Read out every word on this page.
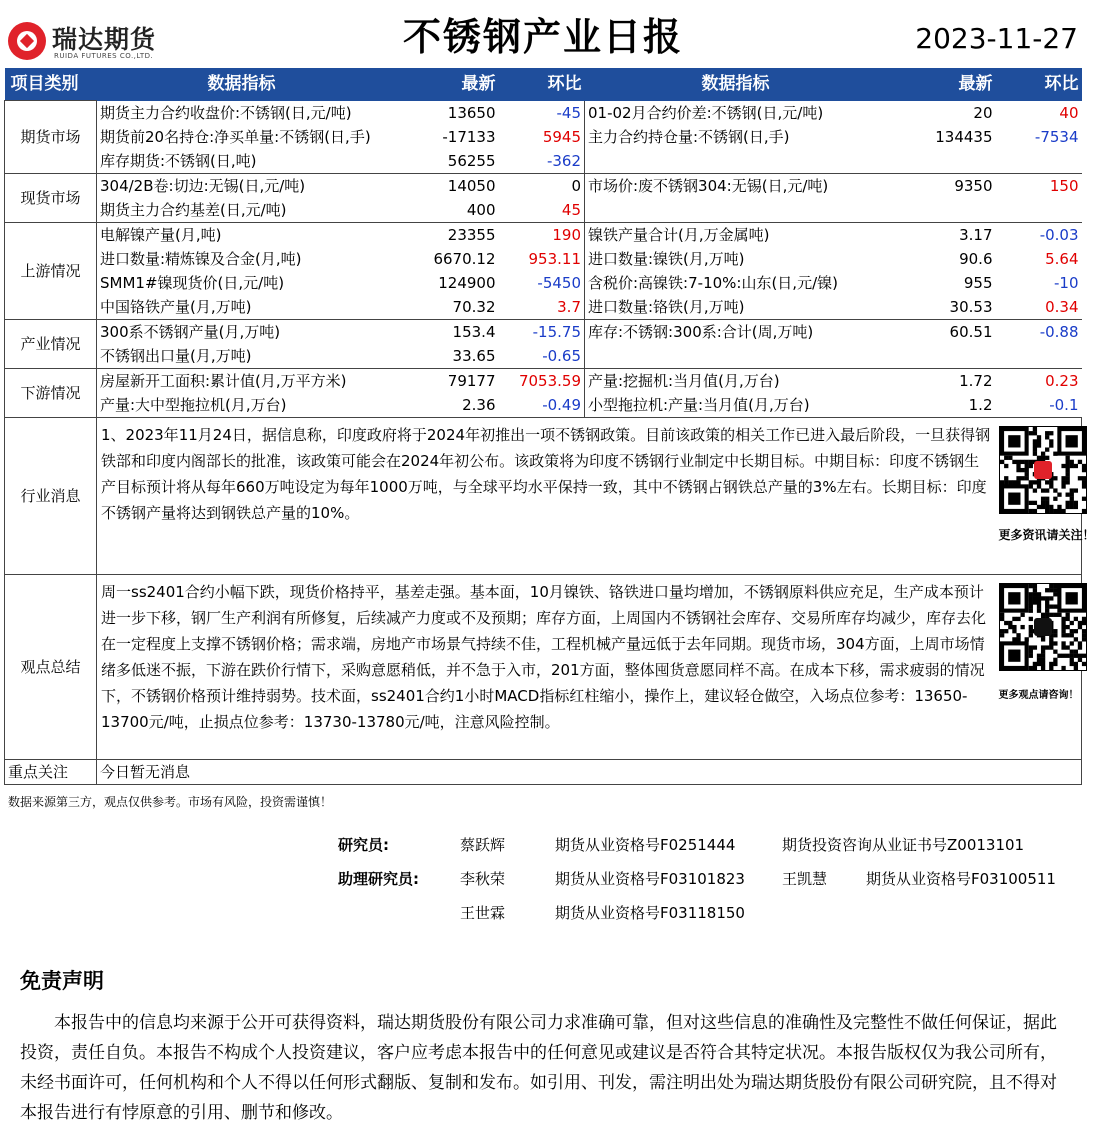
瑞达期货
RUIDA FUTURES CO.,LTD.	不锈钢产业日报	2023-11-27
项目类别	数据指标	最新	环比	数据指标	最新	环比
期货市场	期货主力合约收盘价:不锈钢(日,元/吨)	13650	-45	01-02月合约价差:不锈钢(日,元/吨)	20	40
	期货前20名持仓:净买单量:不锈钢(日,手)	-17133	5945	主力合约持仓量:不锈钢(日,手)	134435	-7534
	库存期货:不锈钢(日,吨)	56255	-362			
现货市场	304/2B卷:切边:无锡(日,元/吨)	14050	0	市场价:废不锈钢304:无锡(日,元/吨)	9350	150
	期货主力合约基差(日,元/吨)	400	45			
上游情况	电解镍产量(月,吨)	23355	190	镍铁产量合计(月,万金属吨)	3.17	-0.03
	进口数量:精炼镍及合金(月,吨)	6670.12	953.11	进口数量:镍铁(月,万吨)	90.6	5.64
	SMM1#镍现货价(日,元/吨)	124900	-5450	含税价:高镍铁:7-10%:山东(日,元/镍)	955	-10
	中国铬铁产量(月,万吨)	70.32	3.7	进口数量:铬铁(月,万吨)	30.53	0.34
产业情况	300系不锈钢产量(月,万吨)	153.4	-15.75	库存:不锈钢:300系:合计(周,万吨)	60.51	-0.88
	不锈钢出口量(月,万吨)	33.65	-0.65			
下游情况	房屋新开工面积:累计值(月,万平方米)	79177	7053.59	产量:挖掘机:当月值(月,万台)	1.72	0.23
	产量:大中型拖拉机(月,万台)	2.36	-0.49	小型拖拉机:产量:当月值(月,万台)	1.2	-0.1
行业消息	1、2023年11月24日，据信息称，印度政府将于2024年初推出一项不锈钢政策。目前该政策的相关工作已进入最后阶段，一旦获得钢铁部和印度内阁部长的批准，该政策可能会在2024年初公布。该政策将为印度不锈钢行业制定中长期目标。中期目标：印度不锈钢生产目标预计将从每年660万吨设定为每年1000万吨，与全球平均水平保持一致，其中不锈钢占钢铁总产量的3%左右。长期目标：印度不锈钢产量将达到钢铁总产量的10%。					更多资讯请关注！

观点总结	周一ss2401合约小幅下跌，现货价格持平，基差走强。基本面，10月镍铁、铬铁进口量均增加，不锈钢原料供应充足，生产成本预计进一步下移，钢厂生产利润有所修复，后续减产力度或不及预期；库存方面，上周国内不锈钢社会库存、交易所库存均减少，库存去化在一定程度上支撑不锈钢价格；需求端，房地产市场景气持续不佳，工程机械产量远低于去年同期。现货市场，304方面，上周市场情绪多低迷不振，下游在跌价行情下，采购意愿稍低，并不急于入市，201方面，整体囤货意愿同样不高。在成本下移，需求疲弱的情况下，不锈钢价格预计维持弱势。技术面，ss2401合约1小时MACD指标红柱缩小，操作上，建议轻仓做空，入场点位参考：13650-13700元/吨，止损点位参考：13730-13780元/吨，注意风险控制。					更多观点请咨询！

重点关注	今日暂无消息					
数据来源第三方，观点仅供参考。市场有风险，投资需谨慎！
研究员:	蔡跃辉	期货从业资格号F0251444	期货投资咨询从业证书号Z0013101
助理研究员:	李秋荣	期货从业资格号F03101823 王凯慧	期货从业资格号F03100511
王世霖	期货从业资格号F03118150
免责声明
本报告中的信息均来源于公开可获得资料，瑞达期货股份有限公司力求准确可靠，但对这些信息的准确性及完整性不做任何保证，据此投资，责任自负。本报告不构成个人投资建议，客户应考虑本报告中的任何意见或建议是否符合其特定状况。本报告版权仅为我公司所有，未经书面许可，任何机构和个人不得以任何形式翻版、复制和发布。如引用、刊发，需注明出处为瑞达期货股份有限公司研究院，且不得对本报告进行有悖原意的引用、删节和修改。
